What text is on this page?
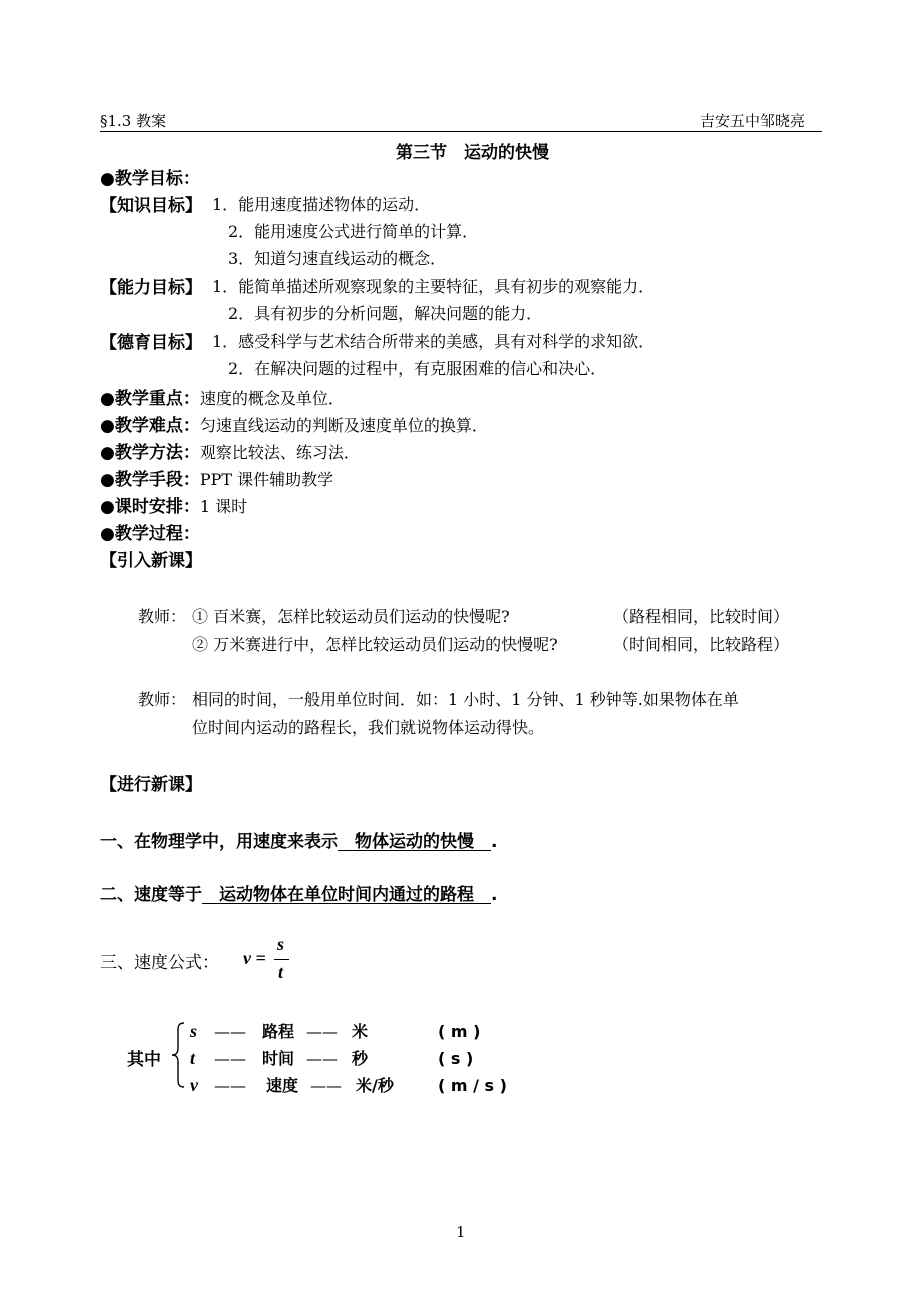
§1.3 教案	吉安五中邹晓亮
第三节　运动的快慢
●教学目标：
【知识目标】 1．能用速度描述物体的运动．
2．能用速度公式进行简单的计算．
3．知道匀速直线运动的概念．
【能力目标】 1．能简单描述所观察现象的主要特征，具有初步的观察能力．
2．具有初步的分析问题，解决问题的能力．
【德育目标】 1．感受科学与艺术结合所带来的美感，具有对科学的求知欲．
2．在解决问题的过程中，有克服困难的信心和决心．
●教学重点：速度的概念及单位．
●教学难点：匀速直线运动的判断及速度单位的换算．
●教学方法：观察比较法、练习法．
●教学手段：PPT 课件辅助教学
●课时安排：1 课时
●教学过程：
【引入新课】
教师： ① 百米赛，怎样比较运动员们运动的快慢呢?	（路程相同，比较时间）
② 万米赛进行中，怎样比较运动员们运动的快慢呢?	（时间相同，比较路程）
教师： 相同的时间，一般用单位时间．如：1 小时、1 分钟、1 秒钟等.如果物体在单
位时间内运动的路程长，我们就说物体运动得快。
【进行新课】
一、在物理学中，用速度来表示　物体运动的快慢　.
二、速度等于　运动物体在单位时间内通过的路程　.
三、速度公式： v =
s
t
其中
s —— 路程 —— 米	( m )
t —— 时间 —— 秒	( s )
v —— 速度 —— 米/秒	( m / s )
1
